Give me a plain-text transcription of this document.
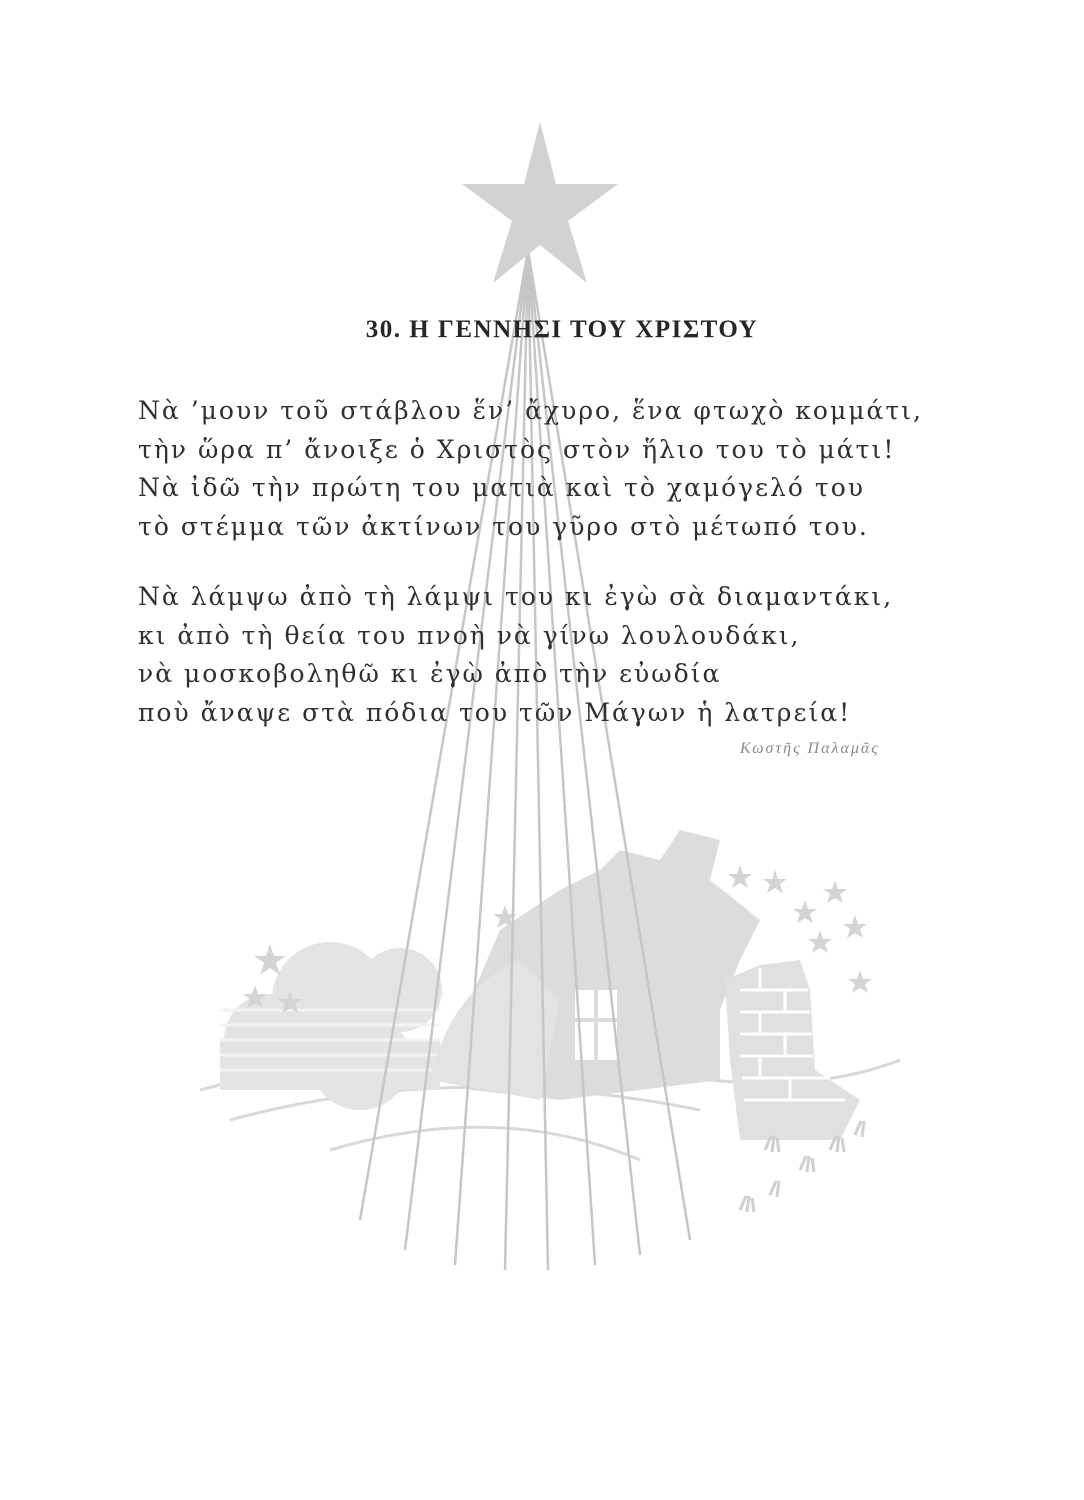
30. Η ΓΕΝΝΗΣΙ ΤΟΥ ΧΡΙΣΤΟΥ
Νὰ ’μουν τοῦ στάβλου ἕν’ ἄχυρο, ἕνα φτωχὸ κομμάτι,
τὴν ὥρα π’ ἄνοιξε ὁ Χριστὸς στὸν ἥλιο του τὸ μάτι!
Νὰ ἰδῶ τὴν πρώτη του ματιὰ καὶ τὸ χαμόγελό του
τὸ στέμμα τῶν ἀκτίνων του γῦρο στὸ μέτωπό του.
Νὰ λάμψω ἀπὸ τὴ λάμψι του κι ἐγὼ σὰ διαμαντάκι,
κι ἀπὸ τὴ θεία του πνοὴ νὰ γίνω λουλουδάκι,
νὰ μοσκοβοληθῶ κι ἐγὼ ἀπὸ τὴν εὐωδία
ποὺ ἄναψε στὰ πόδια του τῶν Μάγων ἡ λατρεία!
Κωστῆς Παλαμᾶς
